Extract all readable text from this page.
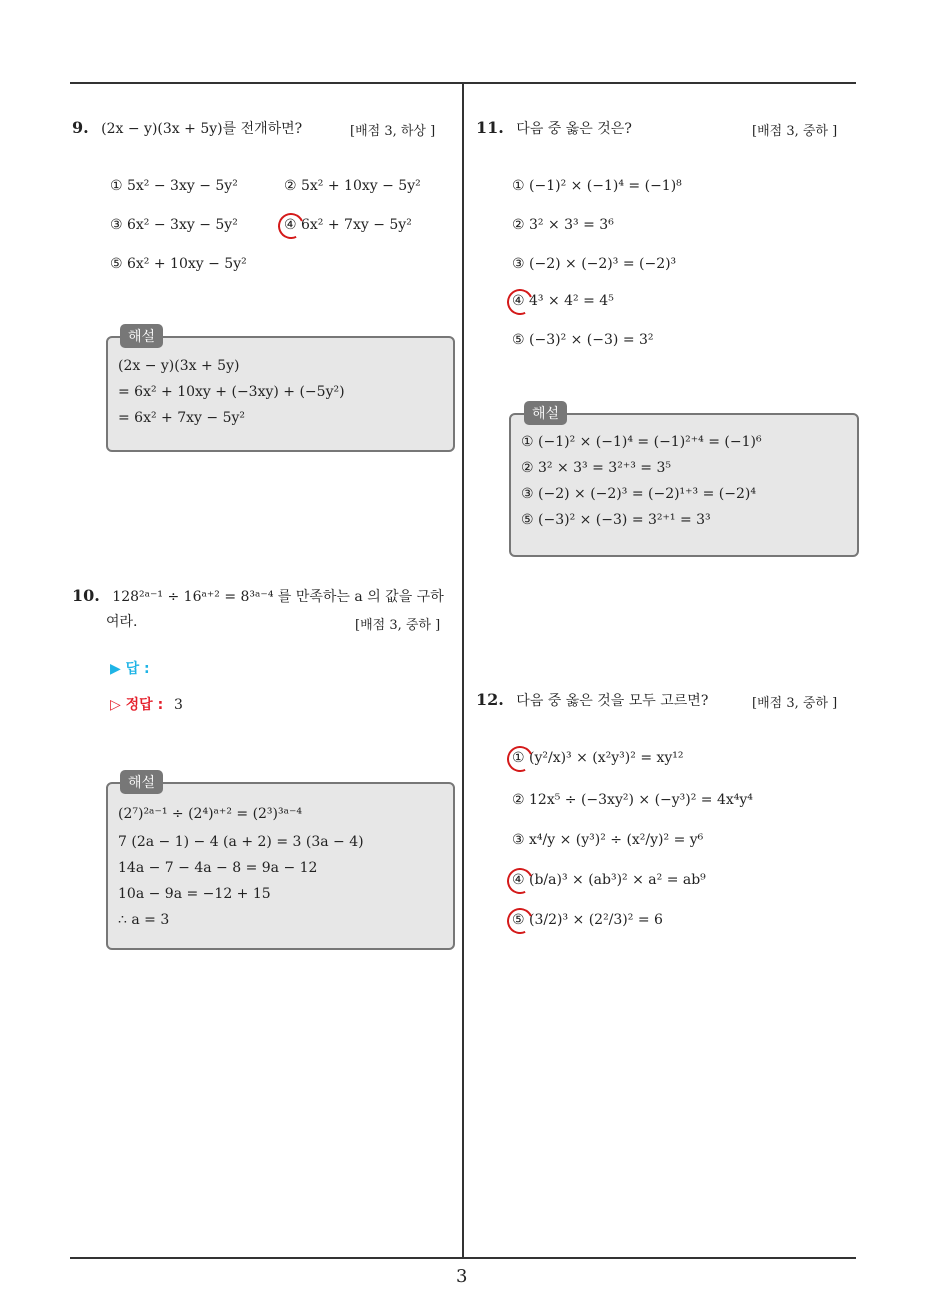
3
9. (2x − y)(3x + 5y)를 전개하면?	[배점 3, 하상 ]
① 5x² − 3xy − 5y²	② 5x² + 10xy − 5y²
③ 6x² − 3xy − 5y²	④ 6x² + 7xy − 5y²
⑤ 6x² + 10xy − 5y²
해설
(2x − y)(3x + 5y)
= 6x² + 10xy + (−3xy) + (−5y²)
= 6x² + 7xy − 5y²
10. 128²ᵃ⁻¹ ÷ 16ᵃ⁺² = 8³ᵃ⁻⁴ 를 만족하는 a 의 값을 구하
여라.	[배점 3, 중하 ]
▶ 답 :
▷ 정답 : 3
해설
(2⁷)²ᵃ⁻¹ ÷ (2⁴)ᵃ⁺² = (2³)³ᵃ⁻⁴
7 (2a − 1) − 4 (a + 2) = 3 (3a − 4)
14a − 7 − 4a − 8 = 9a − 12
10a − 9a = −12 + 15
∴ a = 3
11. 다음 중 옳은 것은?	[배점 3, 중하 ]
① (−1)² × (−1)⁴ = (−1)⁸
② 3² × 3³ = 3⁶
③ (−2) × (−2)³ = (−2)³
④ 4³ × 4² = 4⁵
⑤ (−3)² × (−3) = 3²
해설
① (−1)² × (−1)⁴ = (−1)²⁺⁴ = (−1)⁶
② 3² × 3³ = 3²⁺³ = 3⁵
③ (−2) × (−2)³ = (−2)¹⁺³ = (−2)⁴
⑤ (−3)² × (−3) = 3²⁺¹ = 3³
12. 다음 중 옳은 것을 모두 고르면?	[배점 3, 중하 ]
① (y²/x)³ × (x²y³)² = xy¹²
② 12x⁵ ÷ (−3xy²) × (−y³)² = 4x⁴y⁴
③ x⁴/y × (y³)² ÷ (x²/y)² = y⁶
④ (b/a)³ × (ab³)² × a² = ab⁹
⑤ (3/2)³ × (2²/3)² = 6
